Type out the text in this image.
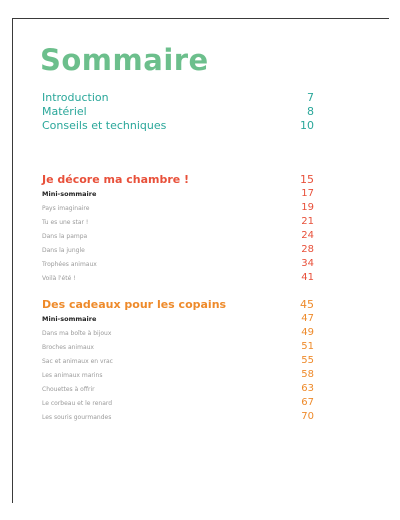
Sommaire
Introduction	7
Matériel	8
Conseils et techniques	10
Je décore ma chambre !	15
Mini-sommaire	17
Pays imaginaire	19
Tu es une star !	21
Dans la pampa	24
Dans la jungle	28
Trophées animaux	34
Voilà l'été !	41
Des cadeaux pour les copains	45
Mini-sommaire	47
Dans ma boîte à bijoux	49
Broches animaux	51
Sac et animaux en vrac	55
Les animaux marins	58
Chouettes à offrir	63
Le corbeau et le renard	67
Les souris gourmandes	70
